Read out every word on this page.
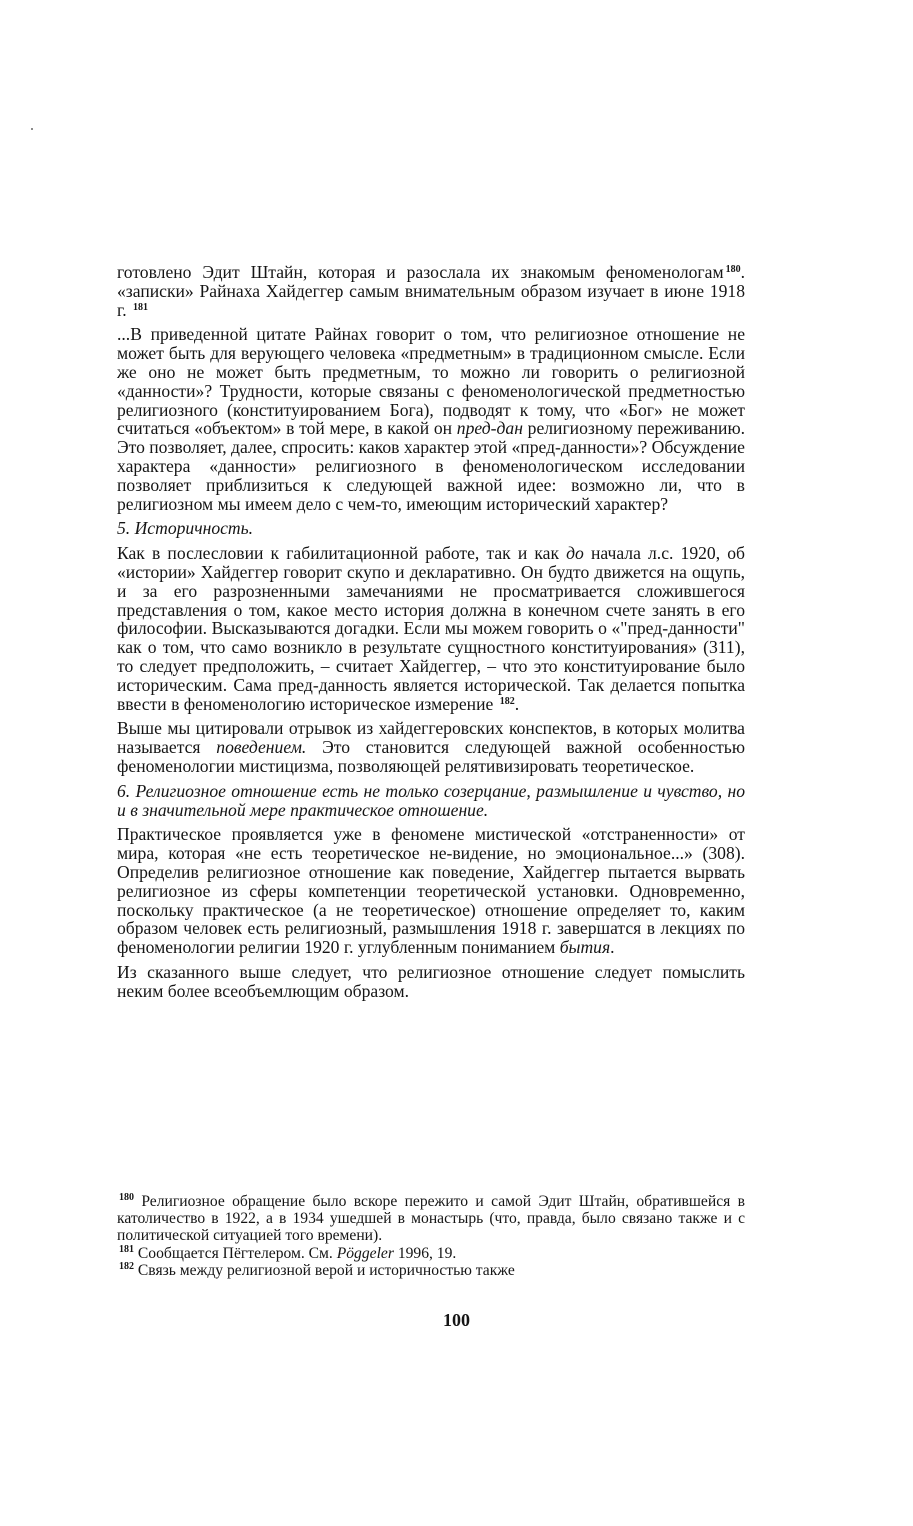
готовлено Эдит Штайн, которая и разослала их знакомым феноменологам $^{180}$. «записки» Райнаха Хайдеггер самым внимательным образом изучает в июне 1918 г. $^{181}$

...В приведенной цитате Райнах говорит о том, что религиозное отношение не может быть для верующего человека «предметным» в традиционном смысле. Если же оно не может быть предметным, то можно ли говорить о религиозной «данности»? Трудности, которые связаны с феноменологической предметностью религиозного (конституированием Бога), подводят к тому, что «Бог» не может считаться «объектом» в той мере, в какой он пред-дан религиозному переживанию. Это позволяет, далее, спросить: каков характер этой «пред-данности»? Обсуждение характера «данности» религиозного в феноменологическом исследовании позволяет приблизиться к следующей важной идее: возможно ли, что в религиозном мы имеем дело с чем-то, имеющим исторический характер?

5. Историчность.

Как в послесловии к габилитационной работе, так и как до начала л.с. 1920, об «истории» Хайдеггер говорит скупо и декларативно. Он будто движется на ощупь, и за его разрозненными замечаниями не просматривается сложившегося представления о том, какое место история должна в конечном счете занять в его философии. Высказываются догадки. Если мы можем говорить о «"пред-данности" как о том, что само возникло в результате сущностного конституирования» (311), то следует предположить, – считает Хайдеггер, – что это конституирование было историческим. Сама пред-данность является исторической. Так делается попытка ввести в феноменологию историческое измерение $^{182}$.

Выше мы цитировали отрывок из хайдеггеровских конспектов, в которых молитва называется поведением. Это становится следующей важной особенностью феноменологии мистицизма, позволяющей релятивизировать теоретическое.

6. Религиозное отношение есть не только созерцание, размышление и чувство, но и в значительной мере практическое отношение.

Практическое проявляется уже в феномене мистической «отстраненности» от мира, которая «не есть теоретическое не-видение, но эмоциональное...» (308). Определив религиозное отношение как поведение, Хайдеггер пытается вырвать религиозное из сферы компетенции теоретической установки. Одновременно, поскольку практическое (а не теоретическое) отношение определяет то, каким образом человек есть религиозный, размышления 1918 г. завершатся в лекциях по феноменологии религии 1920 г. углубленным пониманием бытия.

Из сказанного выше следует, что религиозное отношение следует помыслить неким более всеобъемлющим образом.

$^{180}$ Религиозное обращение было вскоре пережито и самой Эдит Штайн, обратившейся в католичество в 1922, а в 1934 ушедшей в монастырь (что, правда, было связано также и с политической ситуацией того времени).

$^{181}$ Сообщается Пёгтелером. См. Pöggeler 1996, 19.

$^{182}$ Связь между религиозной верой и историчностью также

100
